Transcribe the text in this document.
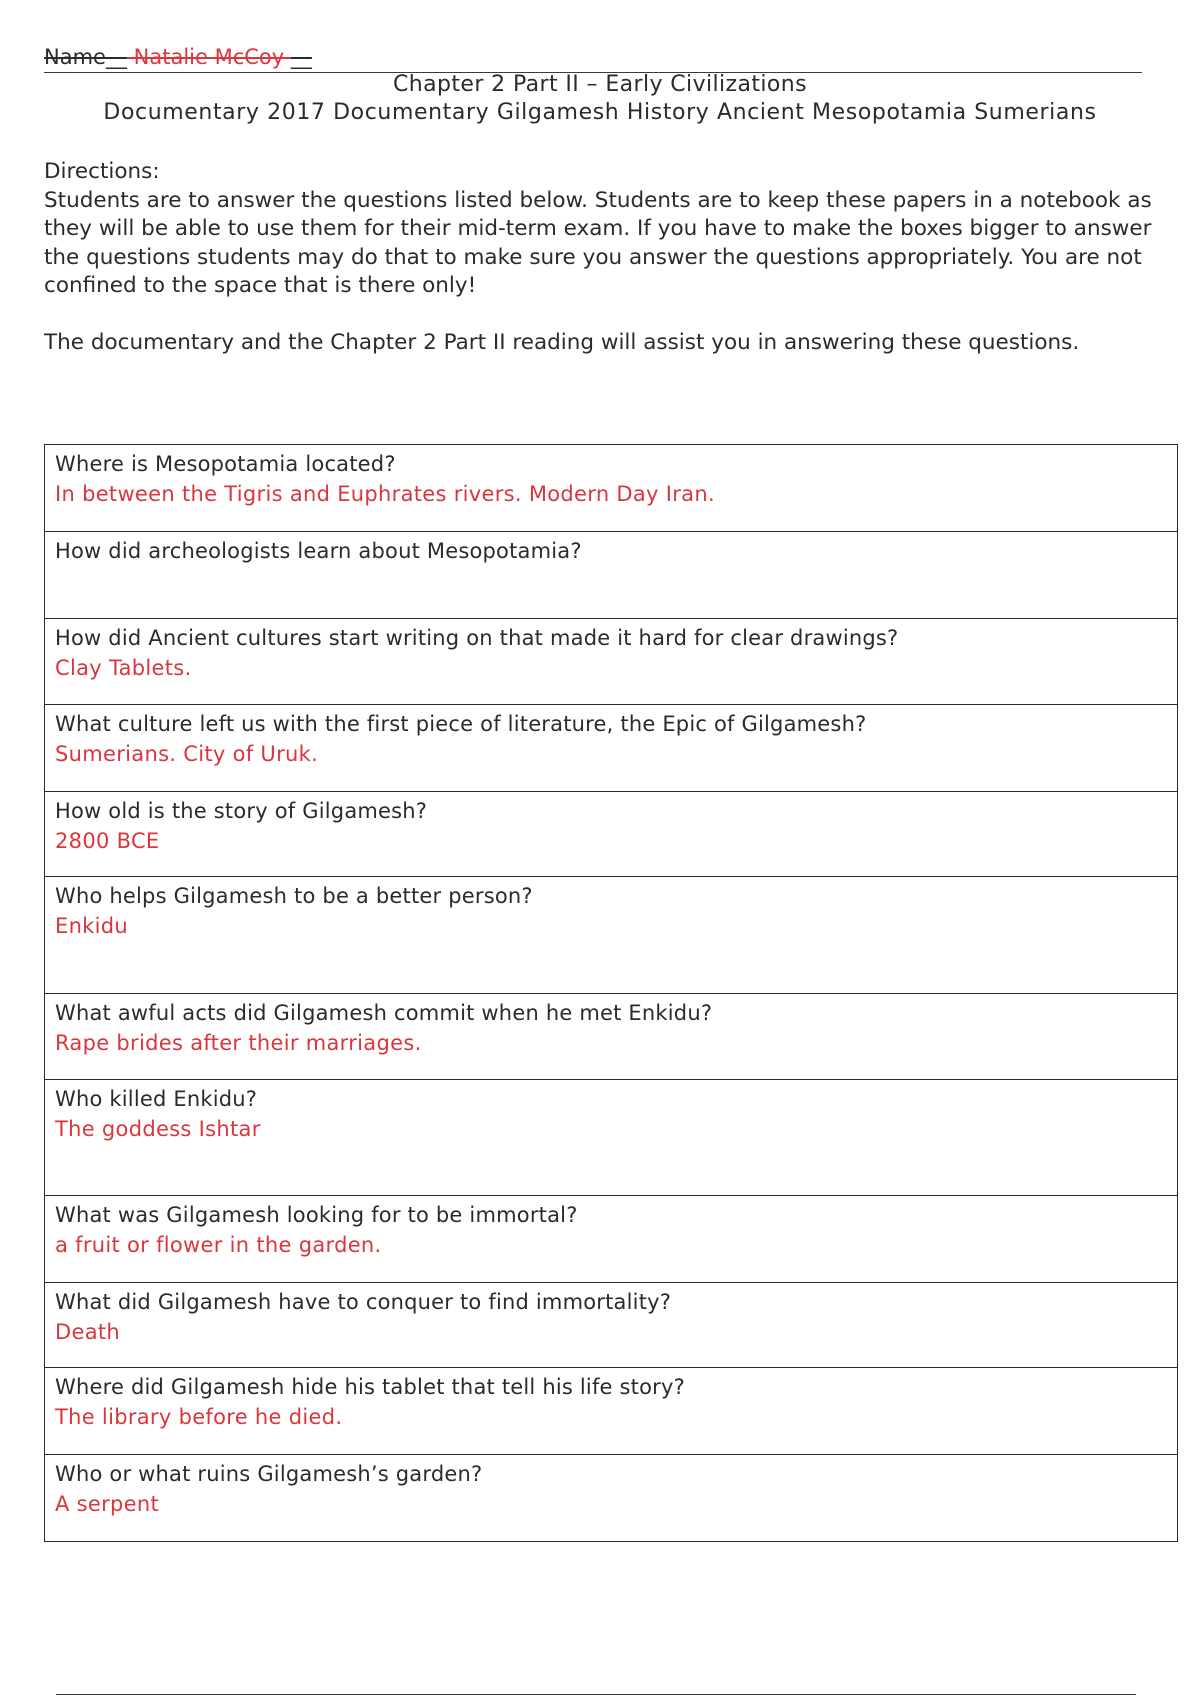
Name__ Natalie McCoy __
Chapter 2 Part II – Early Civilizations
Documentary 2017 Documentary Gilgamesh History Ancient Mesopotamia Sumerians

Directions:

Students are to answer the questions listed below. Students are to keep these papers in a notebook as they will be able to use them for their mid-term exam. If you have to make the boxes bigger to answer the questions students may do that to make sure you answer the questions appropriately. You are not confined to the space that is there only!

The documentary and the Chapter 2 Part II reading will assist you in answering these questions.

Where is Mesopotamia located?
In between the Tigris and Euphrates rivers. Modern Day Iran.
How did archeologists learn about Mesopotamia?
How did Ancient cultures start writing on that made it hard for clear drawings?
Clay Tablets.
What culture left us with the first piece of literature, the Epic of Gilgamesh?
Sumerians. City of Uruk.
How old is the story of Gilgamesh?
2800 BCE
Who helps Gilgamesh to be a better person?
Enkidu
What awful acts did Gilgamesh commit when he met Enkidu?
Rape brides after their marriages.
Who killed Enkidu?
The goddess Ishtar
What was Gilgamesh looking for to be immortal?
a fruit or flower in the garden.
What did Gilgamesh have to conquer to find immortality?
Death
Where did Gilgamesh hide his tablet that tell his life story?
The library before he died.
Who or what ruins Gilgamesh’s garden?
A serpent
